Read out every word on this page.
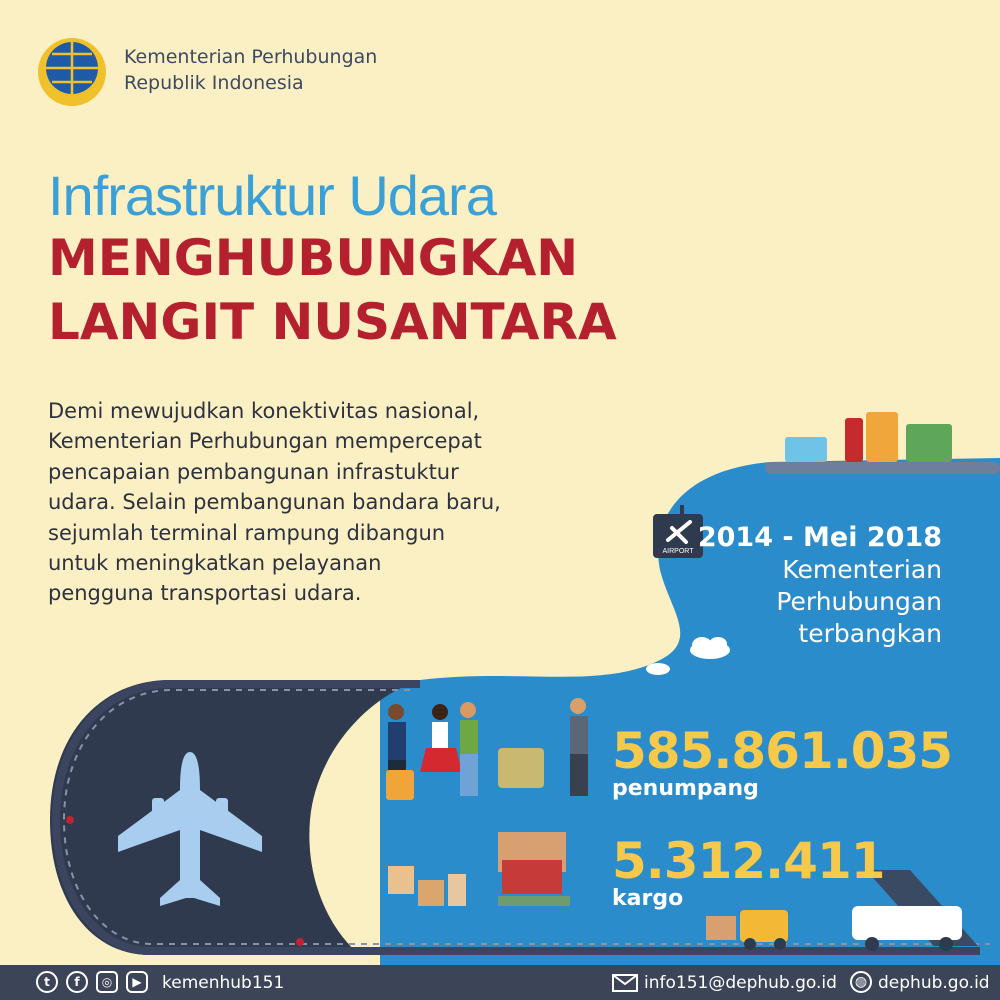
AIRPORT
Kementerian Perhubungan
Republik Indonesia
Infrastruktur Udara
MENGHUBUNGKAN
LANGIT NUSANTARA
Demi mewujudkan konektivitas nasional,
Kementerian Perhubungan mempercepat
pencapaian pembangunan infrastuktur
udara. Selain pembangunan bandara baru,
sejumlah terminal rampung dibangun
untuk meningkatkan pelayanan
pengguna transportasi udara.
2014 - Mei 2018
Kementerian
Perhubungan
terbangkan
585.861.035
penumpang
5.312.411
kargo
t	f	◎	▶	kemenhub151	info151@dephub.go.id	◍ dephub.go.id
